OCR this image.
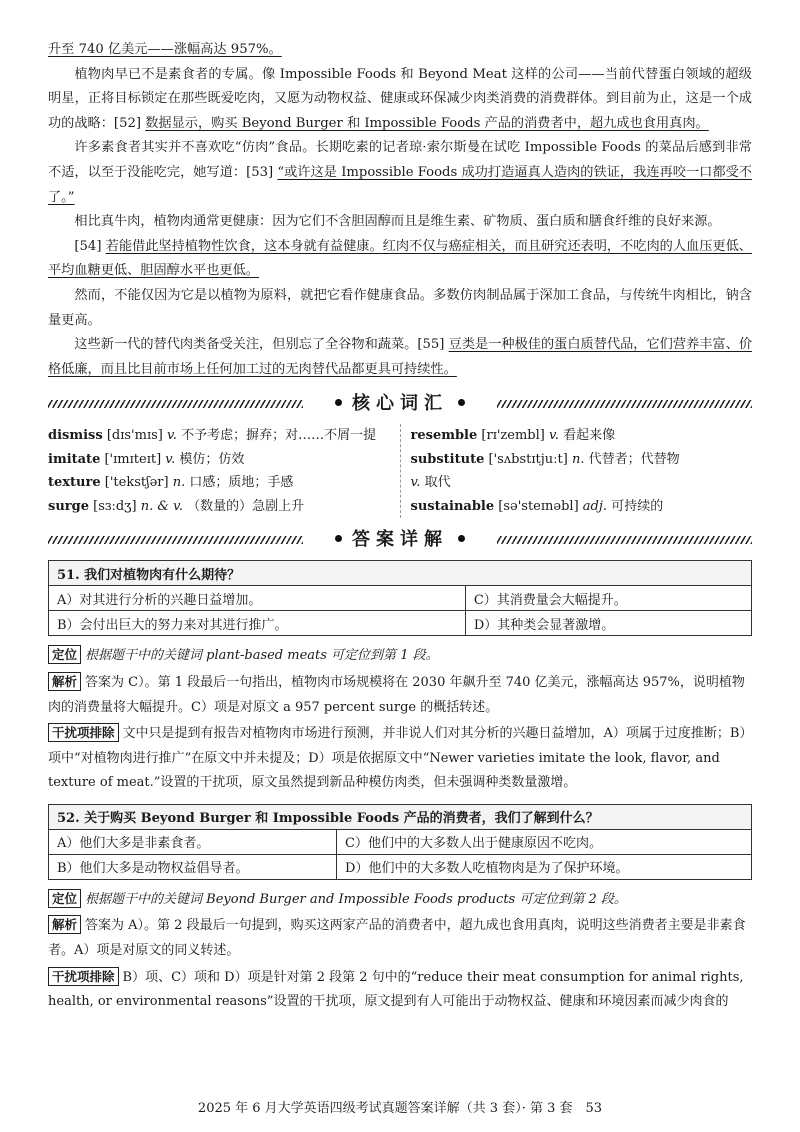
升至 740 亿美元——涨幅高达 957%。

植物肉早已不是素食者的专属。像 Impossible Foods 和 Beyond Meat 这样的公司——当前代替蛋白领域的超级明星，正将目标锁定在那些既爱吃肉，又愿为动物权益、健康或环保减少肉类消费的消费群体。到目前为止，这是一个成功的战略：[52] 数据显示，购买 Beyond Burger 和 Impossible Foods 产品的消费者中，超九成也食用真肉。

许多素食者其实并不喜欢吃“仿肉”食品。长期吃素的记者琼·索尔斯曼在试吃 Impossible Foods 的菜品后感到非常不适，以至于没能吃完，她写道：[53] “或许这是 Impossible Foods 成功打造逼真人造肉的铁证，我连再咬一口都受不了。”

相比真牛肉，植物肉通常更健康：因为它们不含胆固醇而且是维生素、矿物质、蛋白质和膳食纤维的良好来源。

[54] 若能借此坚持植物性饮食，这本身就有益健康。红肉不仅与癌症相关，而且研究还表明，不吃肉的人血压更低、平均血糖更低、胆固醇水平也更低。

然而，不能仅因为它是以植物为原料，就把它看作健康食品。多数仿肉制品属于深加工食品，与传统牛肉相比，钠含量更高。

这些新一代的替代肉类备受关注，但别忘了全谷物和蔬菜。[55] 豆类是一种极佳的蛋白质替代品，它们营养丰富、价格低廉，而且比目前市场上任何加工过的无肉替代品都更具可持续性。

核心词汇
dismiss [dɪs'mɪs] v. 不予考虑；摒弃；对……不屑一提
imitate ['ɪmɪteɪt] v. 模仿；仿效
texture ['tekstʃər] n. 口感；质地；手感
surge [sɜːdʒ] n. & v. （数量的）急剧上升
resemble [rɪ'zembl] v. 看起来像
substitute ['sʌbstɪtjuːt] n. 代替者；代替物
v. 取代
sustainable [sə'steɪnəbl] adj. 可持续的
答案详解
51. 我们对植物肉有什么期待？	
A）对其进行分析的兴趣日益增加。	C）其消费量会大幅提升。
B）会付出巨大的努力来对其进行推广。	D）其种类会显著激增。
定位 根据题干中的关键词 plant-based meats 可定位到第 1 段。
解析 答案为 C）。第 1 段最后一句指出，植物肉市场规模将在 2030 年飙升至 740 亿美元，涨幅高达 957%，说明植物肉的消费量将大幅提升。C）项是对原文 a 957 percent surge 的概括转述。
干扰项排除 文中只是提到有报告对植物肉市场进行预测，并非说人们对其分析的兴趣日益增加，A）项属于过度推断；B）项中“对植物肉进行推广”在原文中并未提及；D）项是依据原文中“Newer varieties imitate the look, flavor, and texture of meat.”设置的干扰项，原文虽然提到新品种模仿肉类，但未强调种类数量激增。
52. 关于购买 Beyond Burger 和 Impossible Foods 产品的消费者，我们了解到什么？	
A）他们大多是非素食者。	C）他们中的大多数人出于健康原因不吃肉。
B）他们大多是动物权益倡导者。	D）他们中的大多数人吃植物肉是为了保护环境。
定位 根据题干中的关键词 Beyond Burger and Impossible Foods products 可定位到第 2 段。
解析 答案为 A）。第 2 段最后一句提到，购买这两家产品的消费者中，超九成也食用真肉，说明这些消费者主要是非素食者。A）项是对原文的同义转述。
干扰项排除 B）项、C）项和 D）项是针对第 2 段第 2 句中的“reduce their meat consumption for animal rights, health, or environmental reasons”设置的干扰项，原文提到有人可能出于动物权益、健康和环境因素而减少肉食的
2025 年 6 月大学英语四级考试真题答案详解（共 3 套）· 第 3 套　53
